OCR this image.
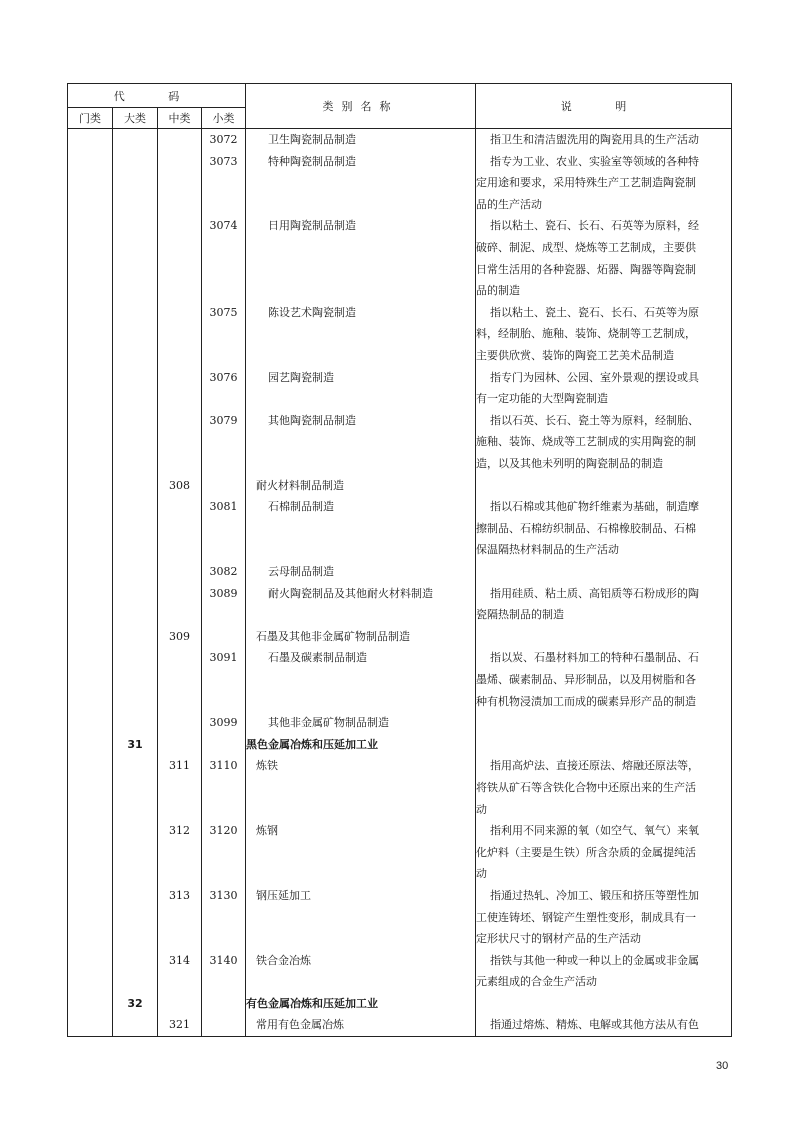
代 码				类别名称	说 明
门类	大类	中类	小类		
			3072	卫生陶瓷制品制造	指卫生和清洁盥洗用的陶瓷用具的生产活动

			3073	特种陶瓷制品制造	指专为工业、农业、实验室等领域的各种特
定用途和要求，采用特殊生产工艺制造陶瓷制
品的生产活动

			3074	日用陶瓷制品制造	指以粘土、瓷石、长石、石英等为原料，经
破碎、制泥、成型、烧炼等工艺制成，主要供
日常生活用的各种瓷器、炻器、陶器等陶瓷制
品的制造

			3075	陈设艺术陶瓷制造	指以粘土、瓷土、瓷石、长石、石英等为原
料，经制胎、施釉、装饰、烧制等工艺制成，
主要供欣赏、装饰的陶瓷工艺美术品制造

			3076	园艺陶瓷制造	指专门为园林、公园、室外景观的摆设或具
有一定功能的大型陶瓷制造

			3079	其他陶瓷制品制造	指以石英、长石、瓷土等为原料，经制胎、
施釉、装饰、烧成等工艺制成的实用陶瓷的制
造，以及其他未列明的陶瓷制品的制造

		308		耐火材料制品制造	
			3081	石棉制品制造	指以石棉或其他矿物纤维素为基础，制造摩
擦制品、石棉纺织制品、石棉橡胶制品、石棉
保温隔热材料制品的生产活动

			3082	云母制品制造	
			3089	耐火陶瓷制品及其他耐火材料制造	指用硅质、粘土质、高铝质等石粉成形的陶
瓷隔热制品的制造

		309		石墨及其他非金属矿物制品制造	
			3091	石墨及碳素制品制造	指以炭、石墨材料加工的特种石墨制品、石
墨烯、碳素制品、异形制品，以及用树脂和各
种有机物浸渍加工而成的碳素异形产品的制造

			3099	其他非金属矿物制品制造	
	31			黑色金属冶炼和压延加工业	
		311	3110	炼铁	指用高炉法、直接还原法、熔融还原法等，
将铁从矿石等含铁化合物中还原出来的生产活
动

		312	3120	炼钢	指利用不同来源的氧（如空气、氧气）来氧
化炉料（主要是生铁）所含杂质的金属提纯活
动

		313	3130	钢压延加工	指通过热轧、冷加工、锻压和挤压等塑性加
工使连铸坯、钢锭产生塑性变形，制成具有一
定形状尺寸的钢材产品的生产活动

		314	3140	铁合金冶炼	指铁与其他一种或一种以上的金属或非金属
元素组成的合金生产活动

	32			有色金属冶炼和压延加工业	
		321		常用有色金属冶炼	指通过熔炼、精炼、电解或其他方法从有色
30
